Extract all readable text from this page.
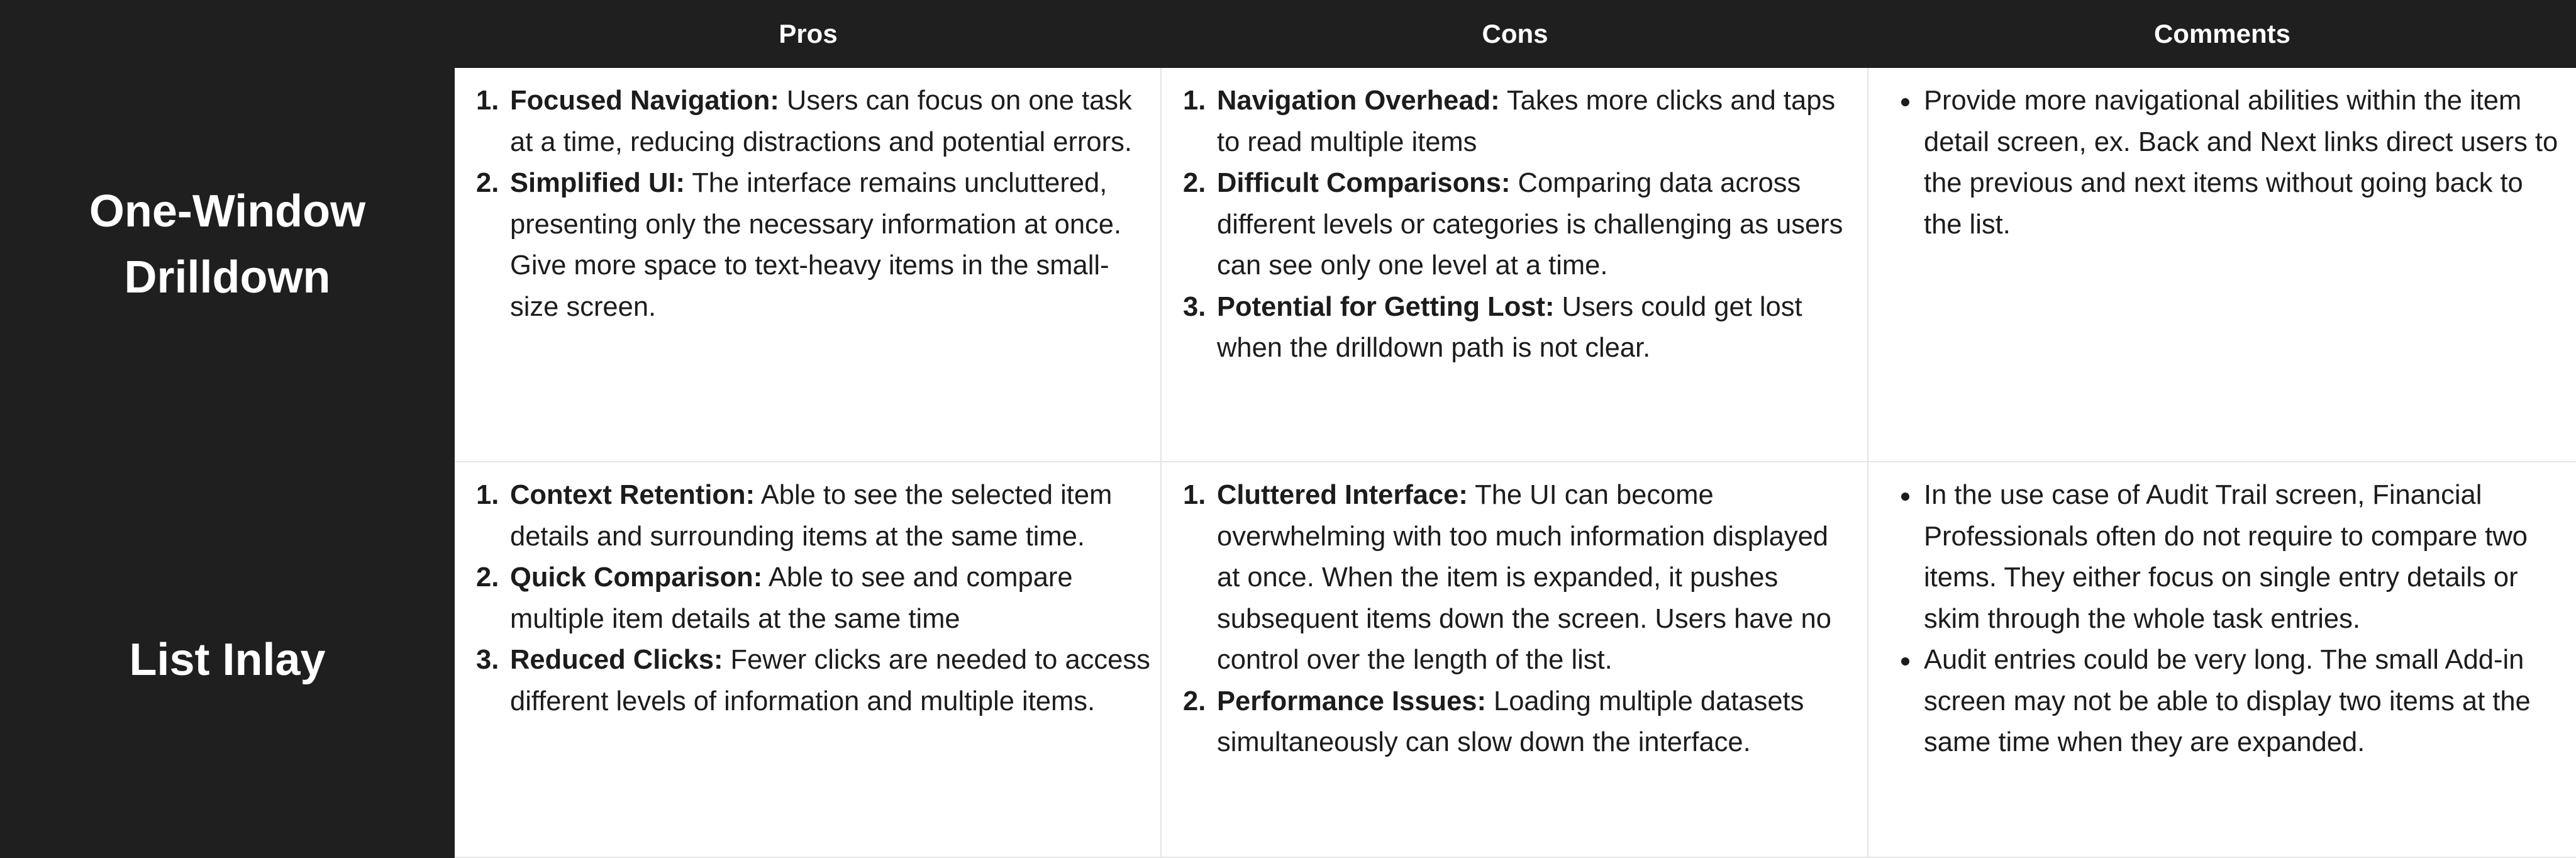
Pros	Cons	Comments
One-Window Drilldown
1. Focused Navigation: Users can focus on one task at a time, reducing distractions and potential errors.
2. Simplified UI: The interface remains uncluttered, presenting only the necessary information at once. Give more space to text-heavy items in the small-size screen.
1. Navigation Overhead: Takes more clicks and taps to read multiple items
2. Difficult Comparisons: Comparing data across different levels or categories is challenging as users can see only one level at a time.
3. Potential for Getting Lost: Users could get lost when the drilldown path is not clear.
Provide more navigational abilities within the item detail screen, ex. Back and Next links direct users to the previous and next items without going back to the list.
List Inlay
1. Context Retention: Able to see the selected item details and surrounding items at the same time.
2. Quick Comparison: Able to see and compare multiple item details at the same time
3. Reduced Clicks: Fewer clicks are needed to access different levels of information and multiple items.
1. Cluttered Interface: The UI can become overwhelming with too much information displayed at once. When the item is expanded, it pushes subsequent items down the screen. Users have no control over the length of the list.
2. Performance Issues: Loading multiple datasets simultaneously can slow down the interface.
In the use case of Audit Trail screen, Financial Professionals often do not require to compare two items. They either focus on single entry details or skim through the whole task entries.
Audit entries could be very long. The small Add-in screen may not be able to display two items at the same time when they are expanded.
